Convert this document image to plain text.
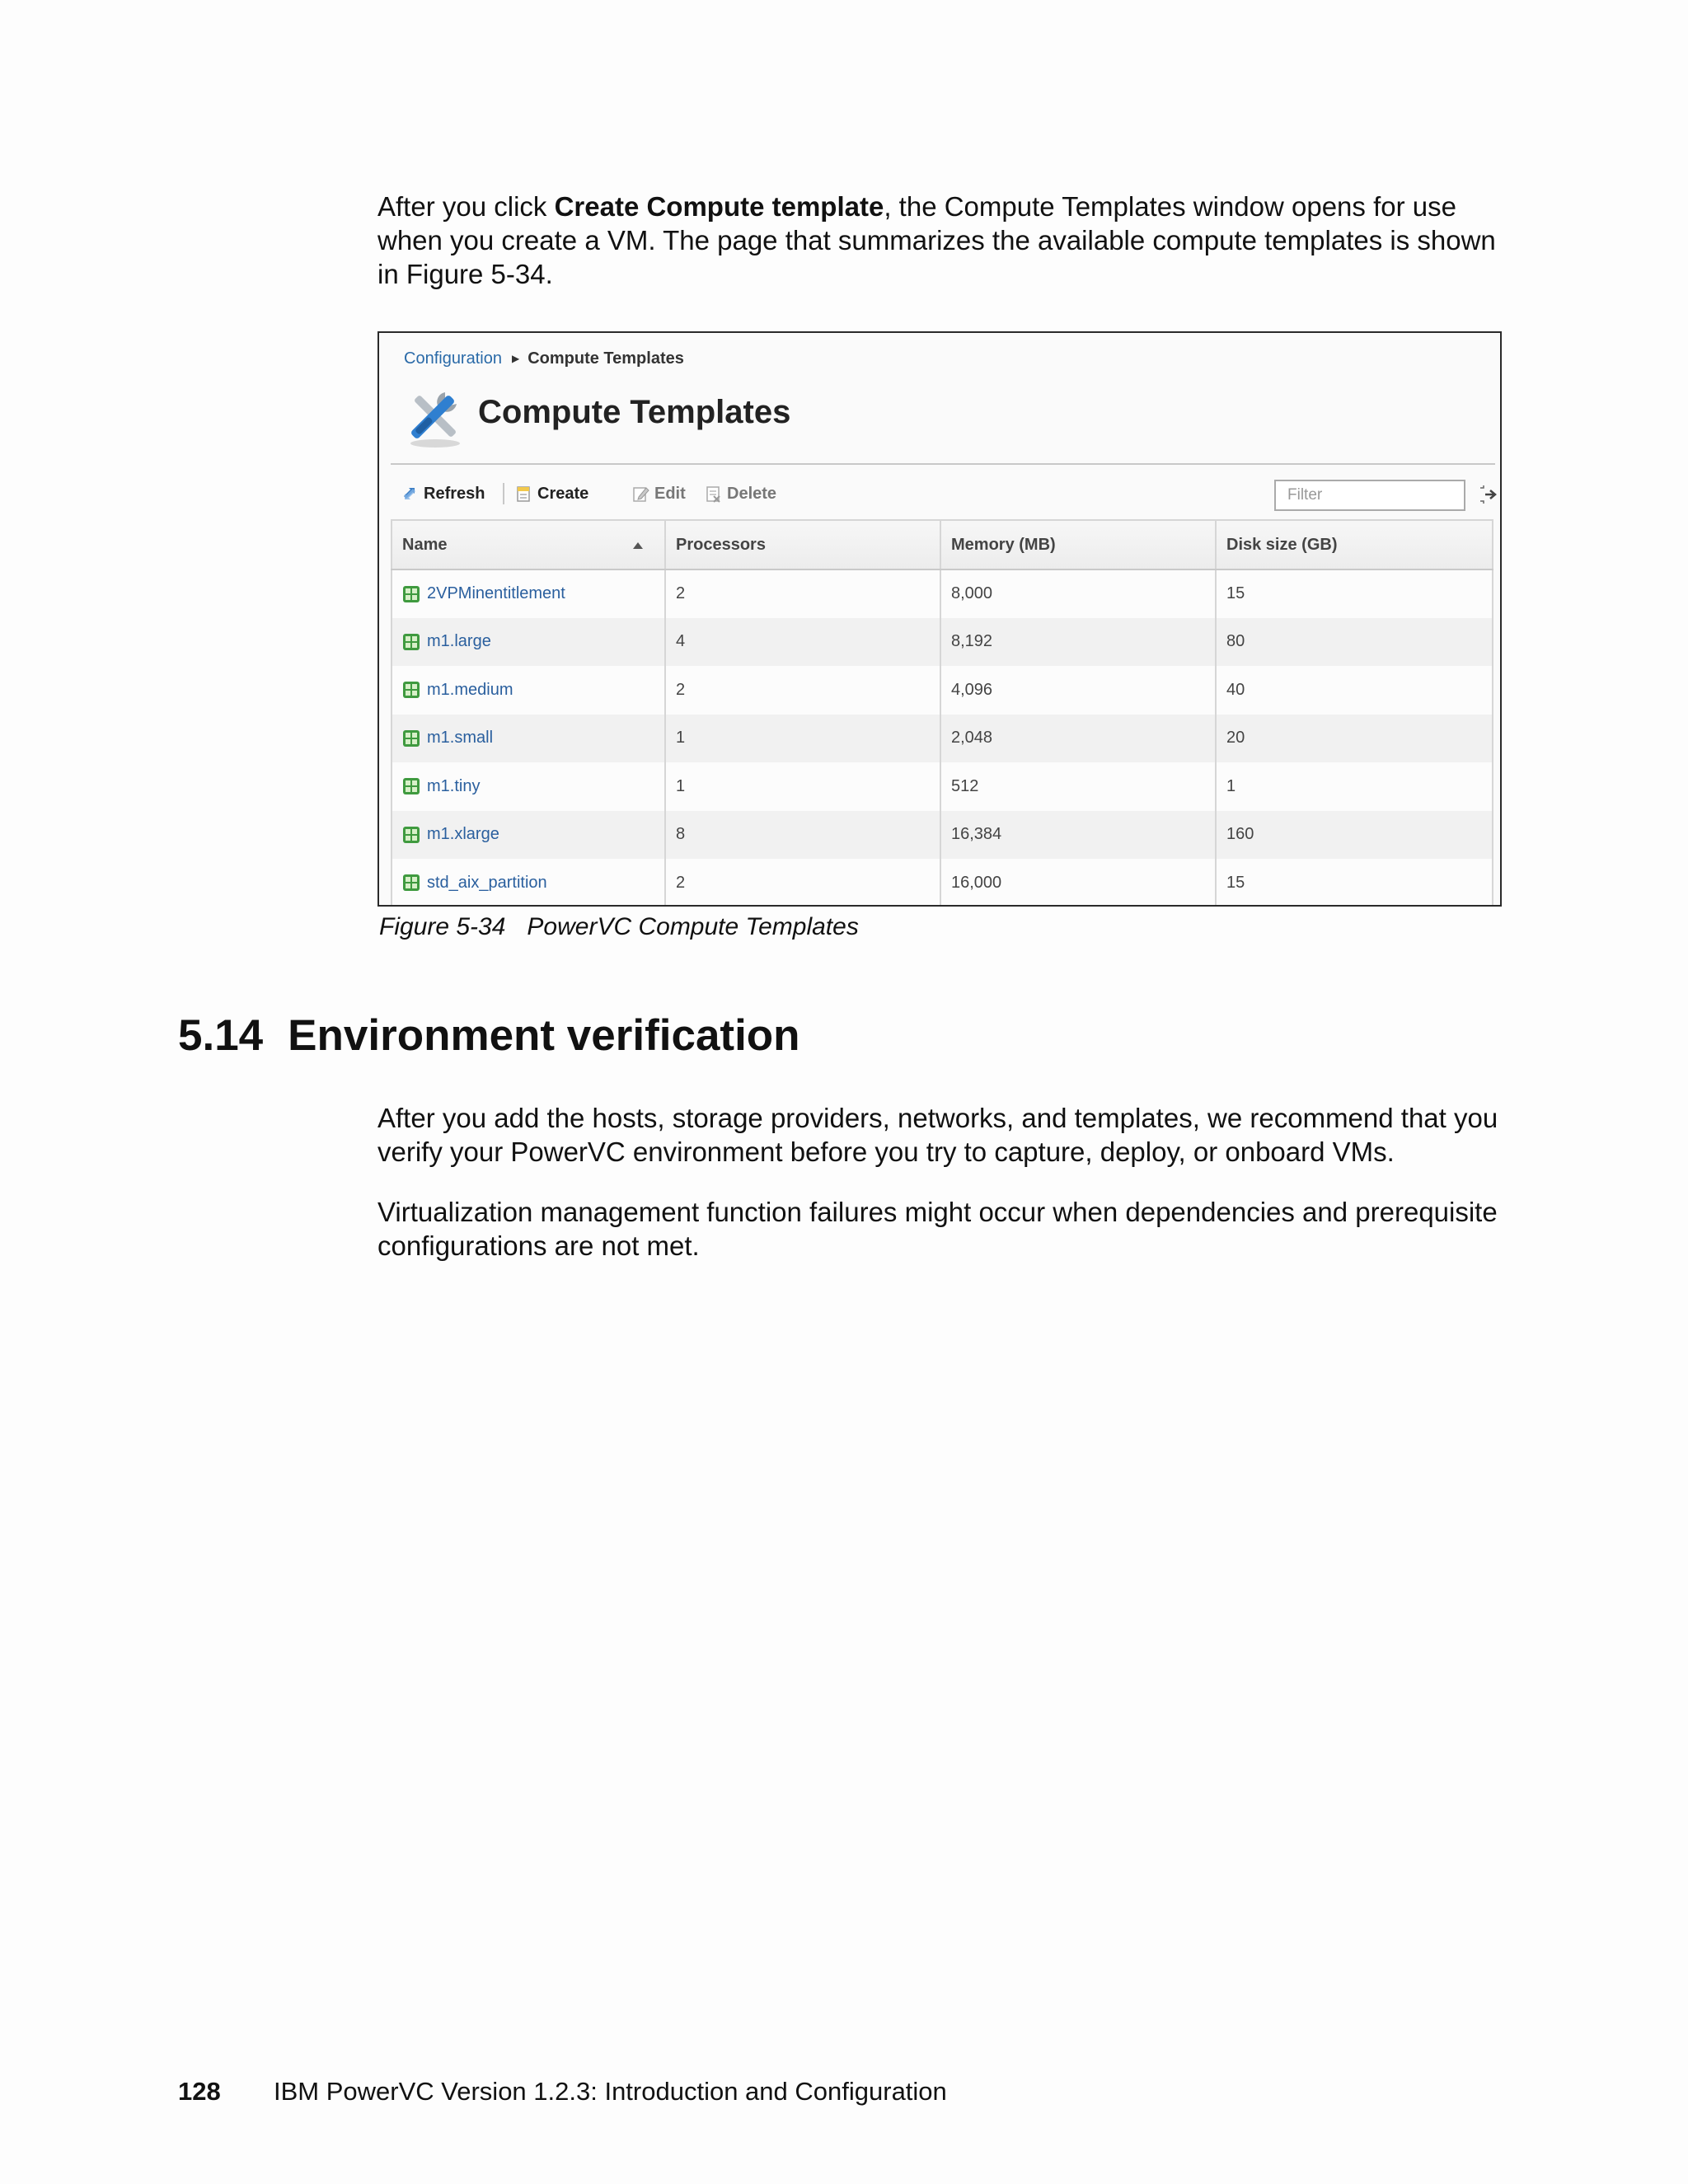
After you click Create Compute template, the Compute Templates window opens for use when you create a VM. The page that summarizes the available compute templates is shown in Figure 5-34.

Configuration ▶ Compute Templates
Compute Templates
Refresh	Create	Edit	Delete
Filter
Name	Processors	Memory (MB)	Disk size (GB)

2VPMinentitlement	2	8,000	15

m1.large	4	8,192	80

m1.medium	2	4,096	40

m1.small	1	2,048	20

m1.tiny	1	512	1

m1.xlarge	8	16,384	160

std_aix_partition	2	16,000	15
Figure 5-34 PowerVC Compute Templates
5.14 Environment verification

After you add the hosts, storage providers, networks, and templates, we recommend that you verify your PowerVC environment before you try to capture, deploy, or onboard VMs.

Virtualization management function failures might occur when dependencies and prerequisite configurations are not met.

128 IBM PowerVC Version 1.2.3: Introduction and Configuration
